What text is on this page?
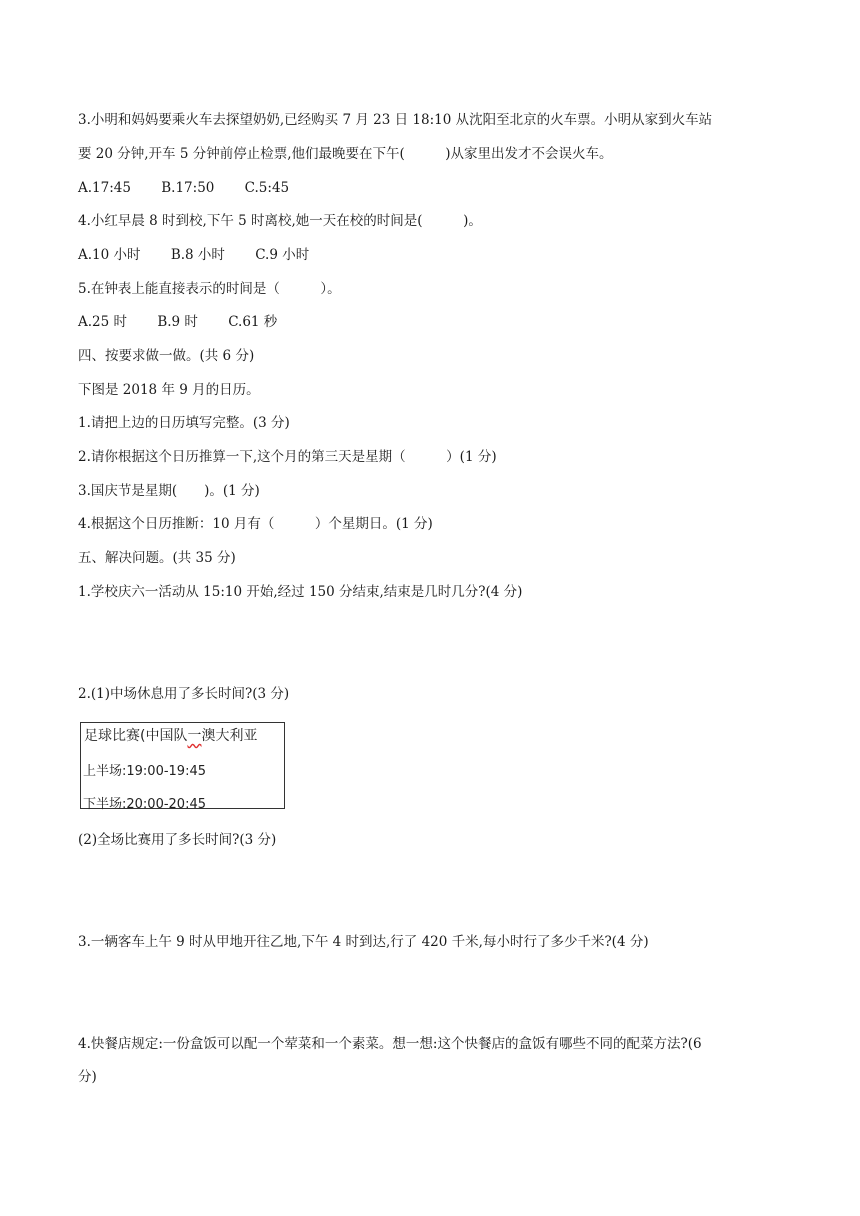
3.小明和妈妈要乘火车去探望奶奶,已经购买 7 月 23 日 18:10 从沈阳至北京的火车票。小明从家到火车站
要 20 分钟,开车 5 分钟前停止检票,他们最晚要在下午(　　　)从家里出发才不会误火车。
A.17:45 B.17:50 C.5:45
4.小红早晨 8 时到校,下午 5 时离校,她一天在校的时间是(　　　)。
A.10 小时 B.8 小时 C.9 小时
5.在钟表上能直接表示的时间是（　　　）。
A.25 时 B.9 时 C.61 秒
四、按要求做一做。(共 6 分)
下图是 2018 年 9 月的日历。
1.请把上边的日历填写完整。(3 分)
2.请你根据这个日历推算一下,这个月的第三天是星期（　　　）(1 分)
3.国庆节是星期(　　)。(1 分)
4.根据这个日历推断：10 月有（　　　）个星期日。(1 分)
五、解决问题。(共 35 分)
1.学校庆六一活动从 15:10 开始,经过 150 分结束,结束是几时几分?(4 分)
2.(1)中场休息用了多长时间?(3 分)
足球比赛(中国队一澳大利亚
上半场:19:00-19:45
下半场:20:00-20:45
(2)全场比赛用了多长时间?(3 分)
3.一辆客车上午 9 时从甲地开往乙地,下午 4 时到达,行了 420 千米,每小时行了多少千米?(4 分)
4.快餐店规定:一份盒饭可以配一个荤菜和一个素菜。想一想:这个快餐店的盒饭有哪些不同的配菜方法?(6
分)
